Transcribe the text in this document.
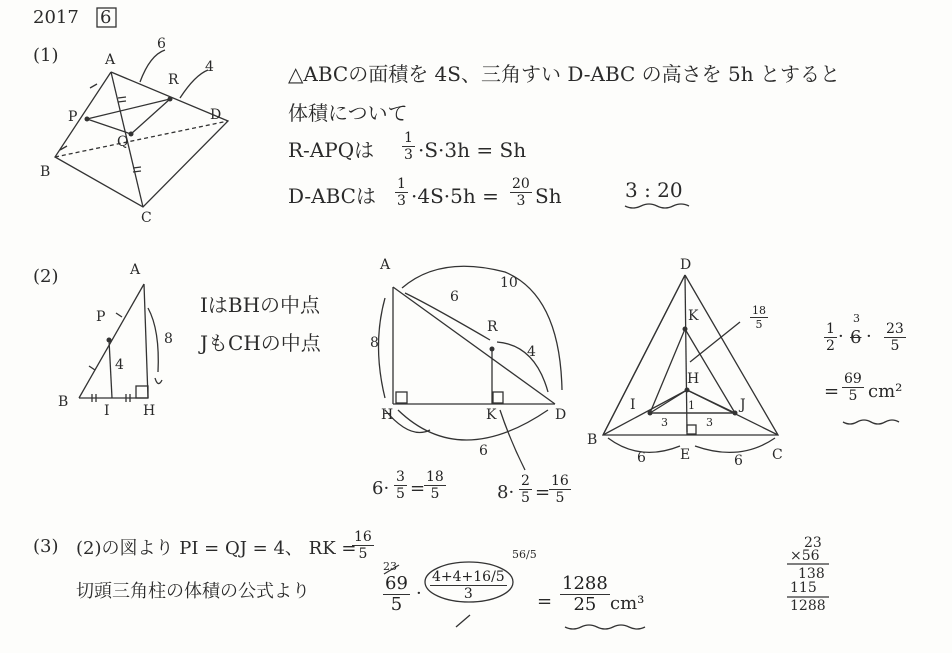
2017 6
(1)	A
P
Q
R
B
C
D
6
4	△ABCの面積を 4S、三角すい D-ABC の高さを 5h とすると
体積について
R-APQは $\frac{1}{3} \cdot S\cdot 3h = Sh$
D-ABCは $\frac{1}{3} \cdot 4S\cdot 5h = \frac{20}{3}$ Sh	3 : 20
(2)	A
P
B
I H
4
8
IはBHの中点
JもCHの中点
A
H	K	D
R
6
10
8
4
6
$6\cdot \frac{3}{5}$ =
$\frac{18}{5}$	$8\cdot \frac{2}{5}$ =
$\frac{16}{5}$
D
K
H
I	J
B
C
E
1
3	3
6	6
$\frac{18}{5}$
$\frac{1}{2}$
3
· $6 \cdot \frac{23}{5}$
= $\frac{69}{5} cm^2$
(3) (2)の図より PI = QJ = 4、 RK =
$\frac{16}{5}$
切頭三角柱の体積の公式より
23
$\frac{69}{5} \cdot \frac{4+4+16/5}{3}$
56/5
= $\frac{1288}{25} cm^3$
23
×56
138
115
1288
